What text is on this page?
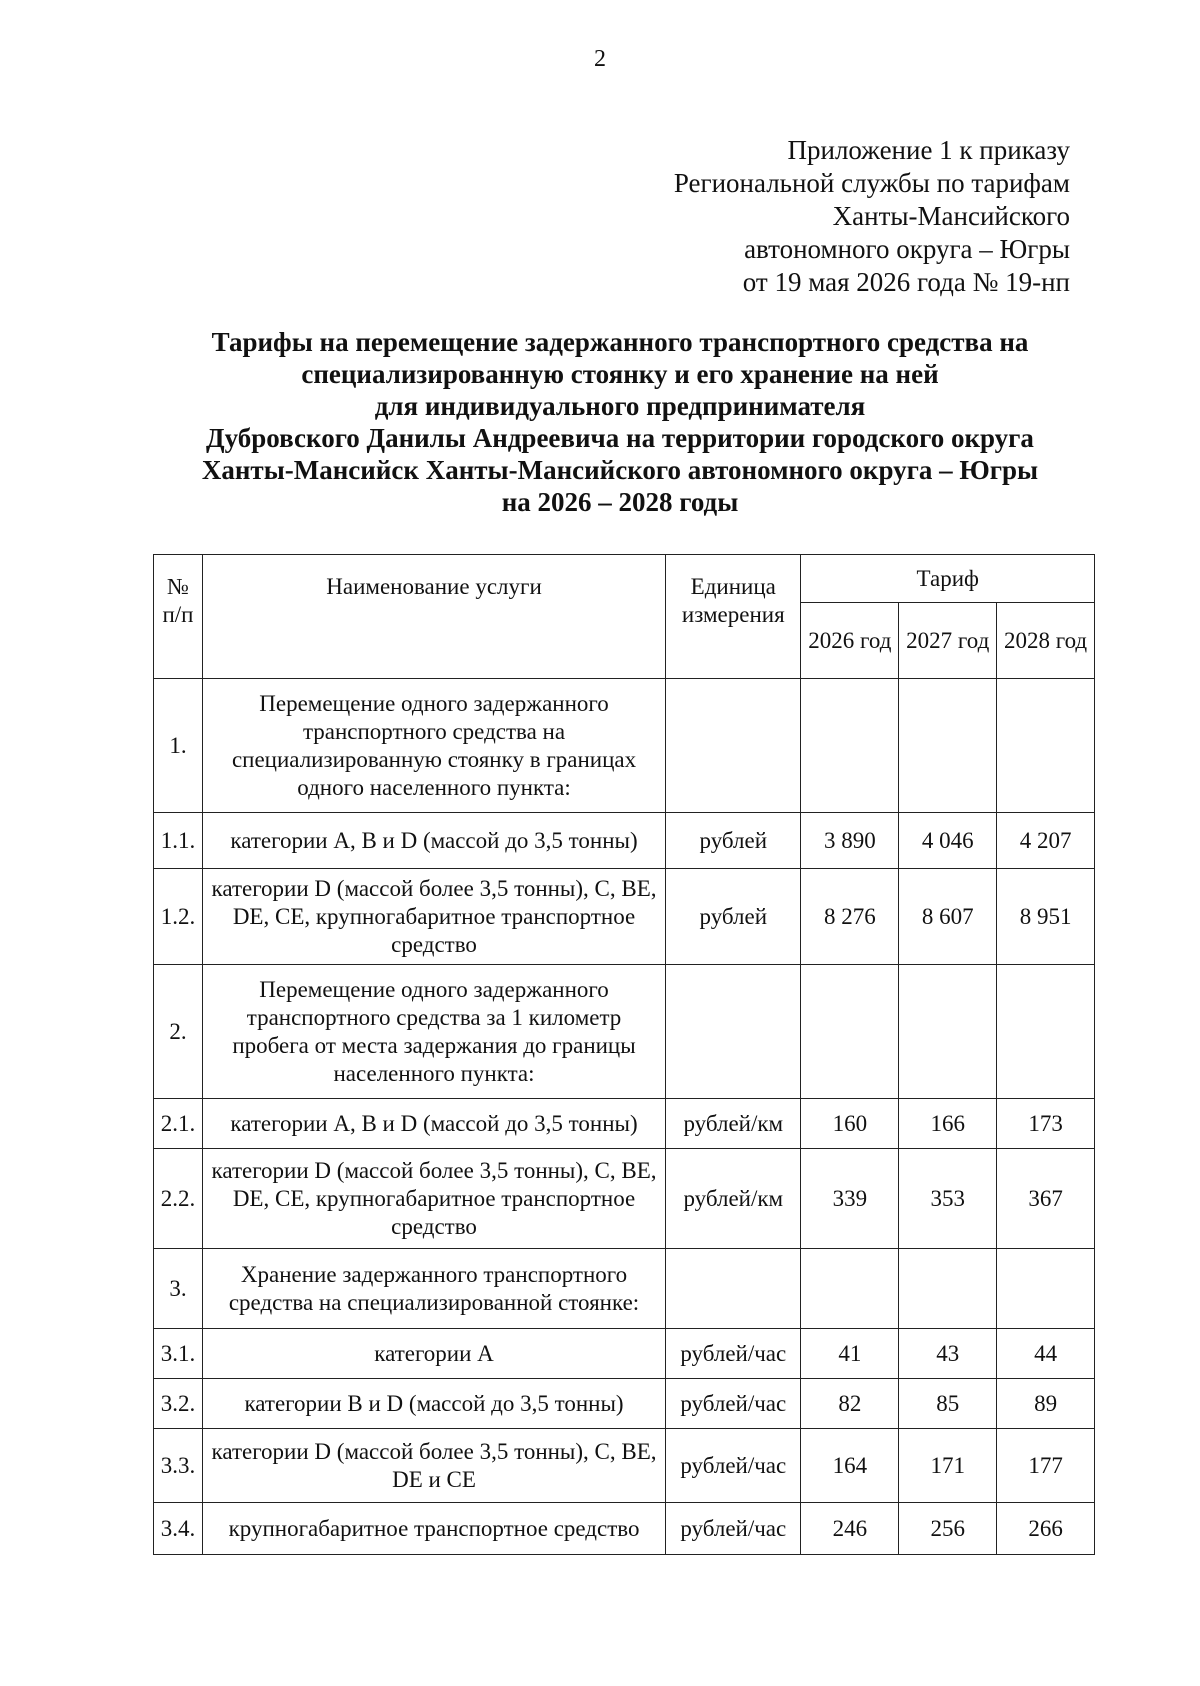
2
Приложение 1 к приказу
Региональной службы по тарифам
Ханты-Мансийского
автономного округа – Югры
от 19 мая 2026 года № 19-нп
Тарифы на перемещение задержанного транспортного средства на
специализированную стоянку и его хранение на ней
для индивидуального предпринимателя
Дубровского Данилы Андреевича на территории городского округа
Ханты-Мансийск Ханты-Мансийского автономного округа – Югры
на 2026 – 2028 годы
№ п/п	Наименование услуги	Единица измерения	Тариф		
			2026 год	2027 год	2028 год
1.	Перемещение одного задержанного транспортного средства на специализированную стоянку в границах одного населенного пункта:				
1.1.	категории A, B и D (массой до 3,5 тонны)	рублей	3 890	4 046	4 207
1.2.	категории D (массой более 3,5 тонны), C, BE, DE, CE, крупногабаритное транспортное средство	рублей	8 276	8 607	8 951
2.	Перемещение одного задержанного транспортного средства за 1 километр пробега от места задержания до границы населенного пункта:				
2.1.	категории A, B и D (массой до 3,5 тонны)	рублей/км	160	166	173
2.2.	категории D (массой более 3,5 тонны), C, BE, DE, CE, крупногабаритное транспортное средство	рублей/км	339	353	367
3.	Хранение задержанного транспортного средства на специализированной стоянке:				
3.1.	категории A	рублей/час	41	43	44
3.2.	категории B и D (массой до 3,5 тонны)	рублей/час	82	85	89
3.3.	категории D (массой более 3,5 тонны), C, BE, DE и CE	рублей/час	164	171	177
3.4.	крупногабаритное транспортное средство	рублей/час	246	256	266
